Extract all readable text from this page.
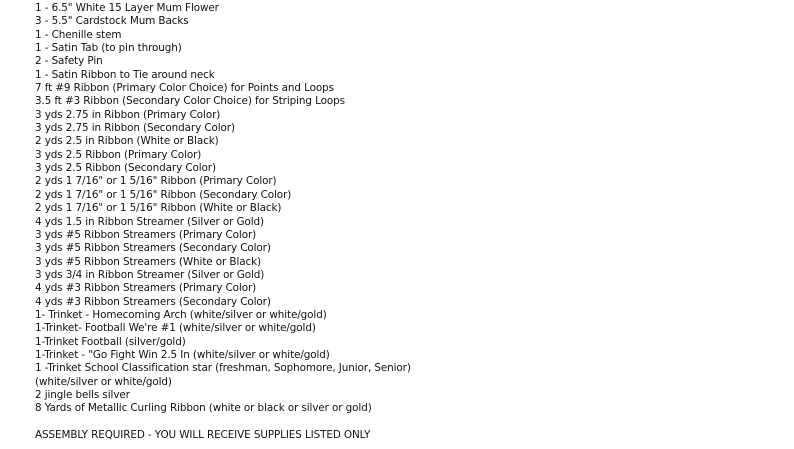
1 - 6.5" White 15 Layer Mum Flower
3 - 5.5" Cardstock Mum Backs
1 - Chenille stem
1 - Satin Tab (to pin through)
2 - Safety Pin
1 - Satin Ribbon to Tie around neck
7 ft #9 Ribbon (Primary Color Choice) for Points and Loops
3.5 ft #3 Ribbon (Secondary Color Choice) for Striping Loops
3 yds 2.75 in Ribbon (Primary Color)
3 yds 2.75 in Ribbon (Secondary Color)
2 yds 2.5 in Ribbon (White or Black)
3 yds 2.5 Ribbon (Primary Color)
3 yds 2.5 Ribbon (Secondary Color)
2 yds 1 7/16" or 1 5/16" Ribbon (Primary Color)
2 yds 1 7/16" or 1 5/16" Ribbon (Secondary Color)
2 yds 1 7/16" or 1 5/16" Ribbon (White or Black)
4 yds 1.5 in Ribbon Streamer (Silver or Gold)
3 yds #5 Ribbon Streamers (Primary Color)
3 yds #5 Ribbon Streamers (Secondary Color)
3 yds #5 Ribbon Streamers (White or Black)
3 yds 3/4 in Ribbon Streamer (Silver or Gold)
4 yds #3 Ribbon Streamers (Primary Color)
4 yds #3 Ribbon Streamers (Secondary Color)
1- Trinket - Homecoming Arch (white/silver or white/gold)
1-Trinket- Football We're #1 (white/silver or white/gold)
1-Trinket Football (silver/gold)
1-Trinket - "Go Fight Win 2.5 In (white/silver or white/gold)
1 -Trinket School Classification star (freshman, Sophomore, Junior, Senior) (white/silver or white/gold)
2 jingle bells silver
8 Yards of Metallic Curling Ribbon (white or black or silver or gold)
ASSEMBLY REQUIRED - YOU WILL RECEIVE SUPPLIES LISTED ONLY
